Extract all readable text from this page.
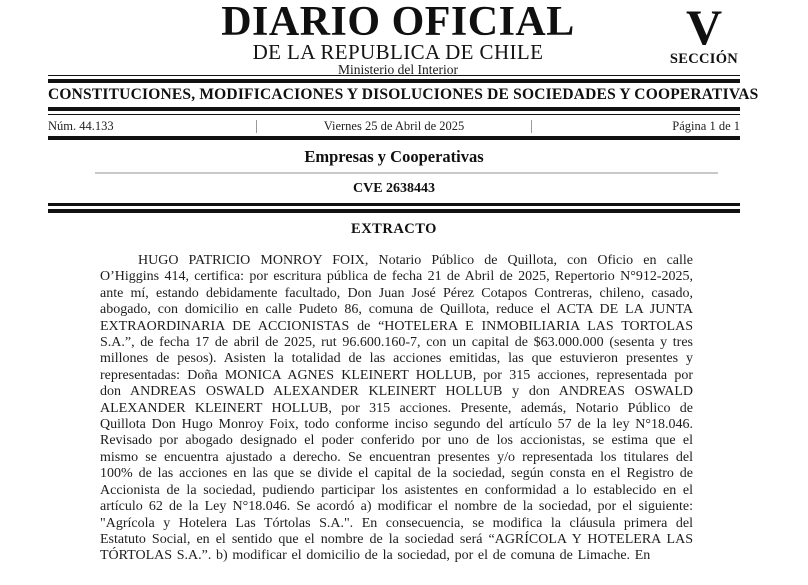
DIARIO OFICIAL
DE LA REPUBLICA DE CHILE
Ministerio del Interior
V
SECCIÓN
CONSTITUCIONES, MODIFICACIONES Y DISOLUCIONES DE SOCIEDADES Y COOPERATIVAS
Núm. 44.133	Viernes 25 de Abril de 2025	Página 1 de 1
Empresas y Cooperativas
CVE 2638443
EXTRACTO
HUGO PATRICIO MONROY FOIX, Notario Público de Quillota, con Oficio en calle O’Higgins 414, certifica: por escritura pública de fecha 21 de Abril de 2025, Repertorio N°912-2025, ante mí, estando debidamente facultado, Don Juan José Pérez Cotapos Contreras, chileno, casado, abogado, con domicilio en calle Pudeto 86, comuna de Quillota, reduce el ACTA DE LA JUNTA EXTRAORDINARIA DE ACCIONISTAS de “HOTELERA E INMOBILIARIA LAS TORTOLAS S.A.”, de fecha 17 de abril de 2025, rut 96.600.160-7, con un capital de $63.000.000 (sesenta y tres millones de pesos). Asisten la totalidad de las acciones emitidas, las que estuvieron presentes y representadas: Doña MONICA AGNES KLEINERT HOLLUB, por 315 acciones, representada por don ANDREAS OSWALD ALEXANDER KLEINERT HOLLUB y don ANDREAS OSWALD ALEXANDER KLEINERT HOLLUB, por 315 acciones. Presente, además, Notario Público de Quillota Don Hugo Monroy Foix, todo conforme inciso segundo del artículo 57 de la ley N°18.046. Revisado por abogado designado el poder conferido por uno de los accionistas, se estima que el mismo se encuentra ajustado a derecho. Se encuentran presentes y/o representada los titulares del 100% de las acciones en las que se divide el capital de la sociedad, según consta en el Registro de Accionista de la sociedad, pudiendo participar los asistentes en conformidad a lo establecido en el artículo 62 de la Ley N°18.046. Se acordó a) modificar el nombre de la sociedad, por el siguiente: "Agrícola y Hotelera Las Tórtolas S.A.". En consecuencia, se modifica la cláusula primera del Estatuto Social, en el sentido que el nombre de la sociedad será “AGRÍCOLA Y HOTELERA LAS TÓRTOLAS S.A.”. b) modificar el domicilio de la sociedad, por el de comuna de Limache. En
